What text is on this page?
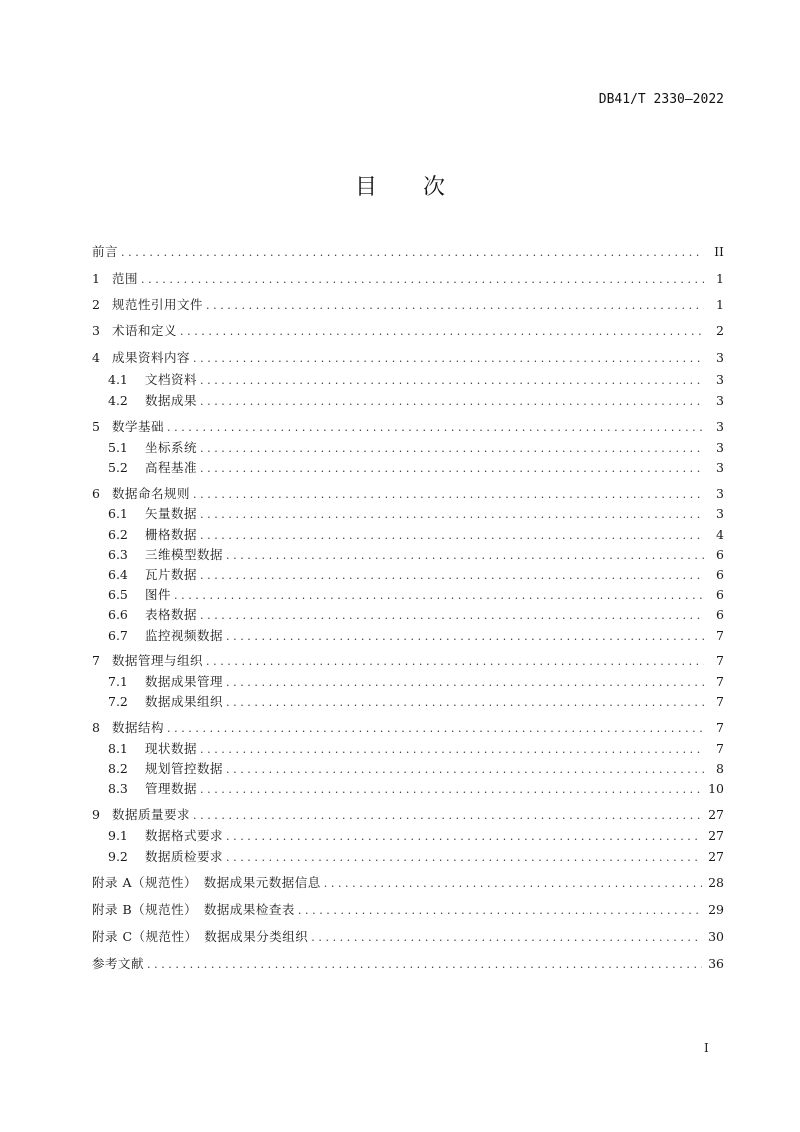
DB41/T 2330—2022
目 次
前言 .....	II
1 范围 .....	1
2 规范性引用文件 .....	1
3 术语和定义 .....	2
4 成果资料内容 .....	3
4.1	文档资料 .....	3
4.2	数据成果 .....	3
5 数学基础 .....	3
5.1	坐标系统 .....	3
5.2	高程基准 .....	3
6 数据命名规则 .....	3
6.1	矢量数据 .....	3
6.2	栅格数据 .....	4
6.3	三维模型数据 .....	6
6.4	瓦片数据 .....	6
6.5	图件 .....	6
6.6	表格数据 .....	6
6.7	监控视频数据 .....	7
7 数据管理与组织 .....	7
7.1	数据成果管理 .....	7
7.2	数据成果组织 .....	7
8 数据结构 .....	7
8.1	现状数据 .....	7
8.2	规划管控数据 .....	8
8.3	管理数据 .....	10
9 数据质量要求 .....	27
9.1	数据格式要求 .....	27
9.2	数据质检要求 .....	27
附录 A（规范性）　数据成果元数据信息 .....	28
附录 B（规范性）　数据成果检查表 .....	29
附录 C（规范性）　数据成果分类组织 .....	30
参考文献 .....	36
I
